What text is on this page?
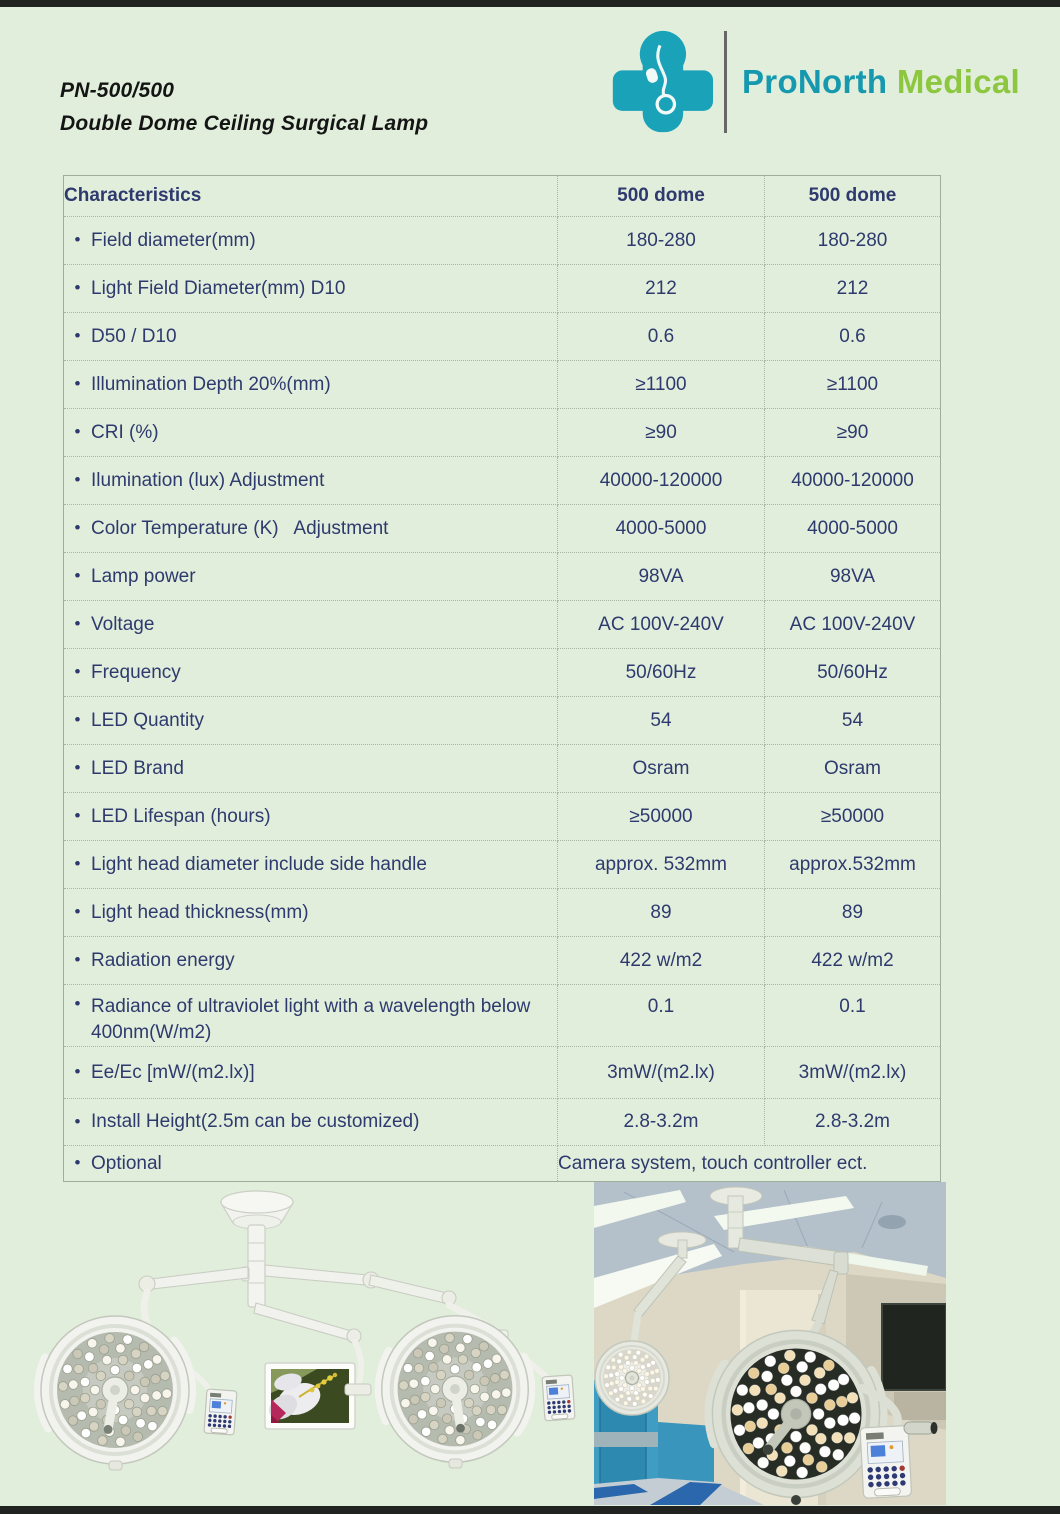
PN-500/500
Double Dome Ceiling Surgical Lamp
ProNorth Medical
Characteristics	500 dome	500 dome

• Field diameter(mm)	180-280	180-280

• Light Field Diameter(mm) D10	212	212

• D50 / D10	0.6	0.6

• Illumination Depth 20%(mm)	≥1100	≥1100

• CRI (%)	≥90	≥90

• Ilumination (lux) Adjustment	40000-120000	40000-120000

• Color Temperature (K)   Adjustment	4000-5000	4000-5000

• Lamp power	98VA	98VA

• Voltage	AC 100V-240V	AC 100V-240V

• Frequency	50/60Hz	50/60Hz

• LED Quantity	54	54

• LED Brand	Osram	Osram

• LED Lifespan (hours)	≥50000	≥50000

• Light head diameter include side handle	approx. 532mm	approx.532mm

• Light head thickness(mm)	89	89

• Radiation energy	422 w/m2	422 w/m2

• Radiance of ultraviolet light with a wavelength below 400nm(W/m2)	0.1	0.1

• Ee/Ec [mW/(m2.lx)]	3mW/(m2.lx)	3mW/(m2.lx)

• Install Height(2.5m can be customized)	2.8-3.2m	2.8-3.2m

• Optional	Camera system, touch controller ect.	
